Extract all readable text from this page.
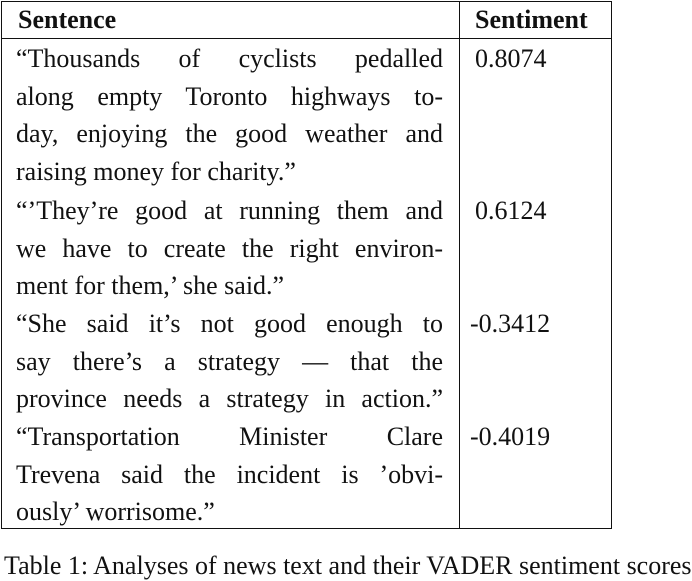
Sentence	Sentiment
“Thousands of cyclists pedalled
along empty Toronto highways to-
day, enjoying the good weather and
raising money for charity.”
0.8074
“’They’re good at running them and
we have to create the right environ-
ment for them,’ she said.”
0.6124
“She said it’s not good enough to
say there’s a strategy — that the
province needs a strategy in action.”
-0.3412
“Transportation Minister Clare
Trevena said the incident is ’obvi-
ously’ worrisome.”
-0.4019
Table 1: Analyses of news text and their VADER sentiment scores
